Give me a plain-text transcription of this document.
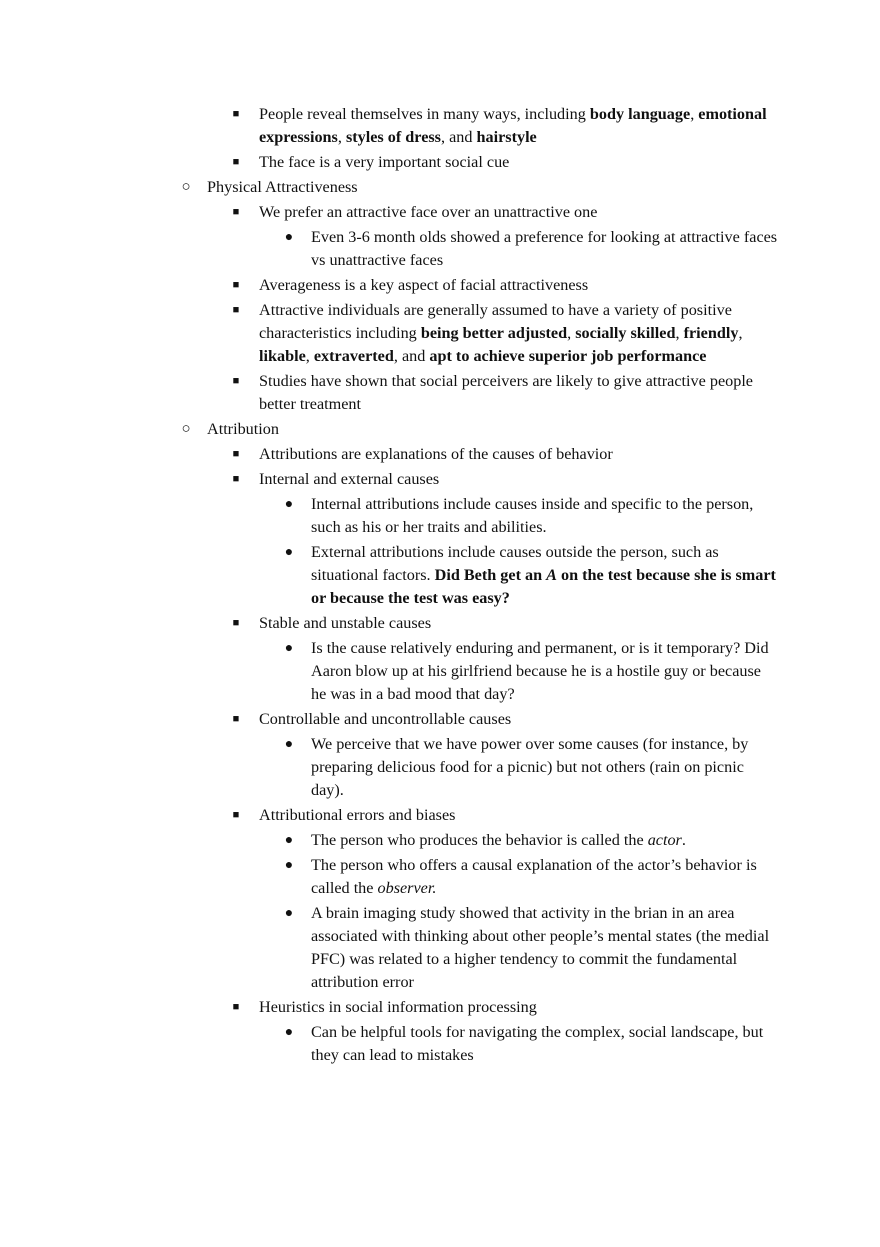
■	People reveal themselves in many ways, including body language, emotional expressions, styles of dress, and hairstyle
■	The face is a very important social cue
○	Physical Attractiveness
■	We prefer an attractive face over an unattractive one
●	Even 3-6 month olds showed a preference for looking at attractive faces vs unattractive faces
■	Averageness is a key aspect of facial attractiveness
■	Attractive individuals are generally assumed to have a variety of positive characteristics including being better adjusted, socially skilled, friendly, likable, extraverted, and apt to achieve superior job performance
■	Studies have shown that social perceivers are likely to give attractive people better treatment
○	Attribution
■	Attributions are explanations of the causes of behavior
■	Internal and external causes
●	Internal attributions include causes inside and specific to the person, such as his or her traits and abilities.
●	External attributions include causes outside the person, such as situational factors. Did Beth get an A on the test because she is smart or because the test was easy?
■	Stable and unstable causes
●	Is the cause relatively enduring and permanent, or is it temporary? Did Aaron blow up at his girlfriend because he is a hostile guy or because he was in a bad mood that day?
■	Controllable and uncontrollable causes
●	We perceive that we have power over some causes (for instance, by preparing delicious food for a picnic) but not others (rain on picnic day).
■	Attributional errors and biases
●	The person who produces the behavior is called the actor.
●	The person who offers a causal explanation of the actor’s behavior is called the observer.
●	A brain imaging study showed that activity in the brian in an area associated with thinking about other people’s mental states (the medial PFC) was related to a higher tendency to commit the fundamental attribution error
■	Heuristics in social information processing
●	Can be helpful tools for navigating the complex, social landscape, but they can lead to mistakes
